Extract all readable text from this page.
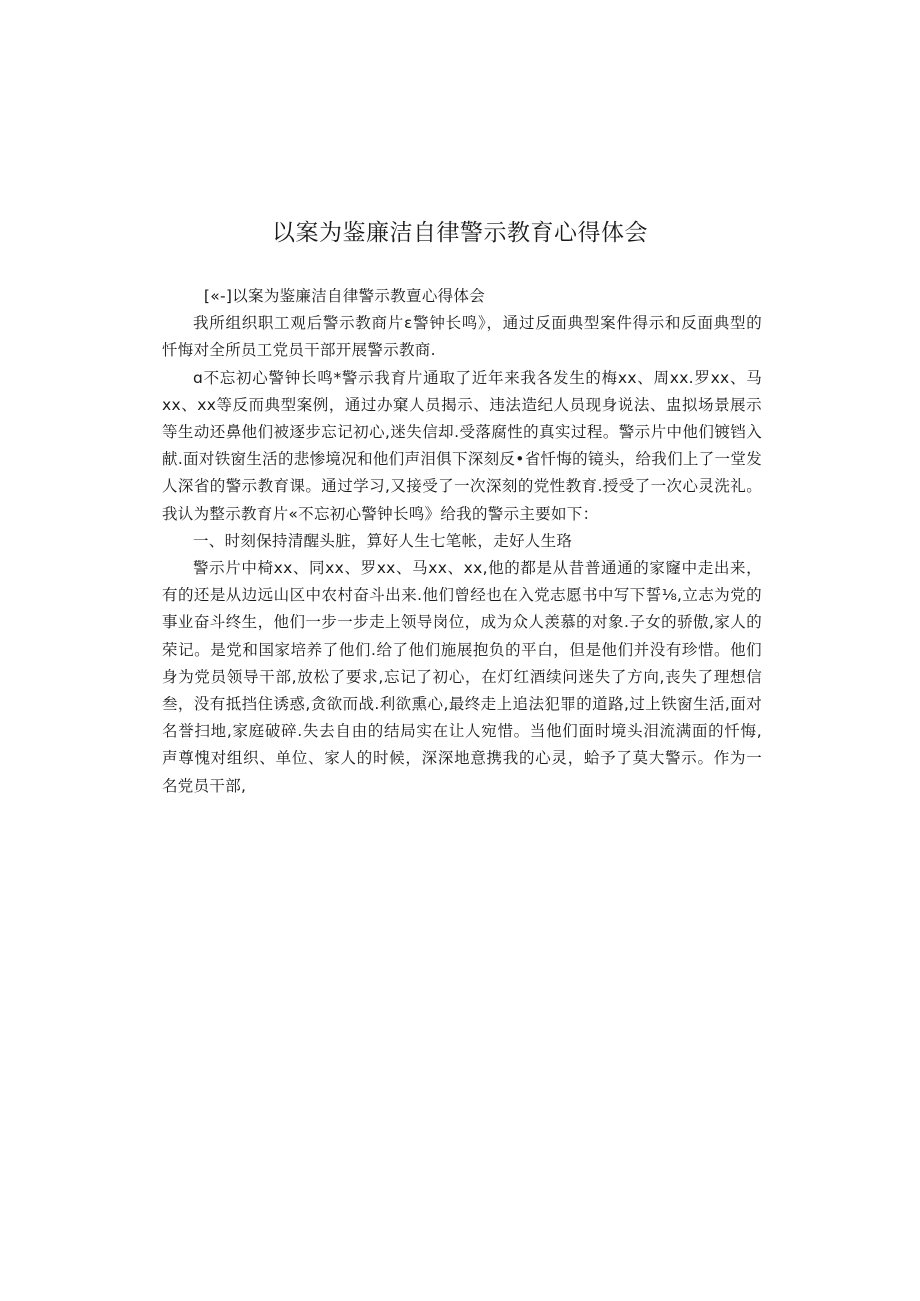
以案为鉴廉洁自律警示教育心得体会

[«-]以案为鉴廉洁自律警示教亶心得体会

我所组织职工观后警示教商片ε警钟长鸣》，通过反面典型案件得示和反面典型的忏悔对全所员工党员干部开展警示教商.

ɑ不忘初心警钟长鸣*警示我育片通取了近年来我各发生的梅xx、周xx.罗xx、马xx、xx等反而典型案例，通过办窠人员揭示、违法造纪人员现身说法、盅拟场景展示等生动还鼻他们被逐步忘记初心,迷失信却.受落腐性的真实过程。警示片中他们镀铛入献.面对铁窗生活的悲惨境况和他们声泪俱下深刻反•省忏悔的镜头，给我们上了一堂发人深省的警示教育课。通过学习,又接受了一次深刻的党性教育.授受了一次心灵洗礼。我认为整示教育片«不忘初心警钟长鸣》给我的警示主要如下：

一、时刻保持清醒头脏，算好人生七笔帐，走好人生珞

警示片中椅xx、同xx、罗xx、马xx、xx,他的都是从昔普通通的家窿中走出来，有的还是从边远山区中农村奋斗出来.他们曾经也在入党志愿书中写下誓⅛,立志为党的事业奋斗终生，他们一步一步走上领导岗位，成为众人羡慕的对象.子女的骄傲,家人的荣记。是党和国家培养了他们.给了他们施展抱负的平白，但是他们并没有珍惜。他们身为党员领导干部,放松了要求,忘记了初心，在灯红酒续问迷失了方向,丧失了理想信叁，没有抵挡住诱惑,贪欲而战.利欲熏心,最终走上追法犯罪的道路,过上铁窗生活,面对名誉扫地,家庭破碎.失去自由的结局实在让人宛惜。当他们面时境头泪流满面的忏悔,声尊愧对组织、单位、家人的时候，深深地意携我的心灵，蛤予了莫大警示。作为一名党员干部,
